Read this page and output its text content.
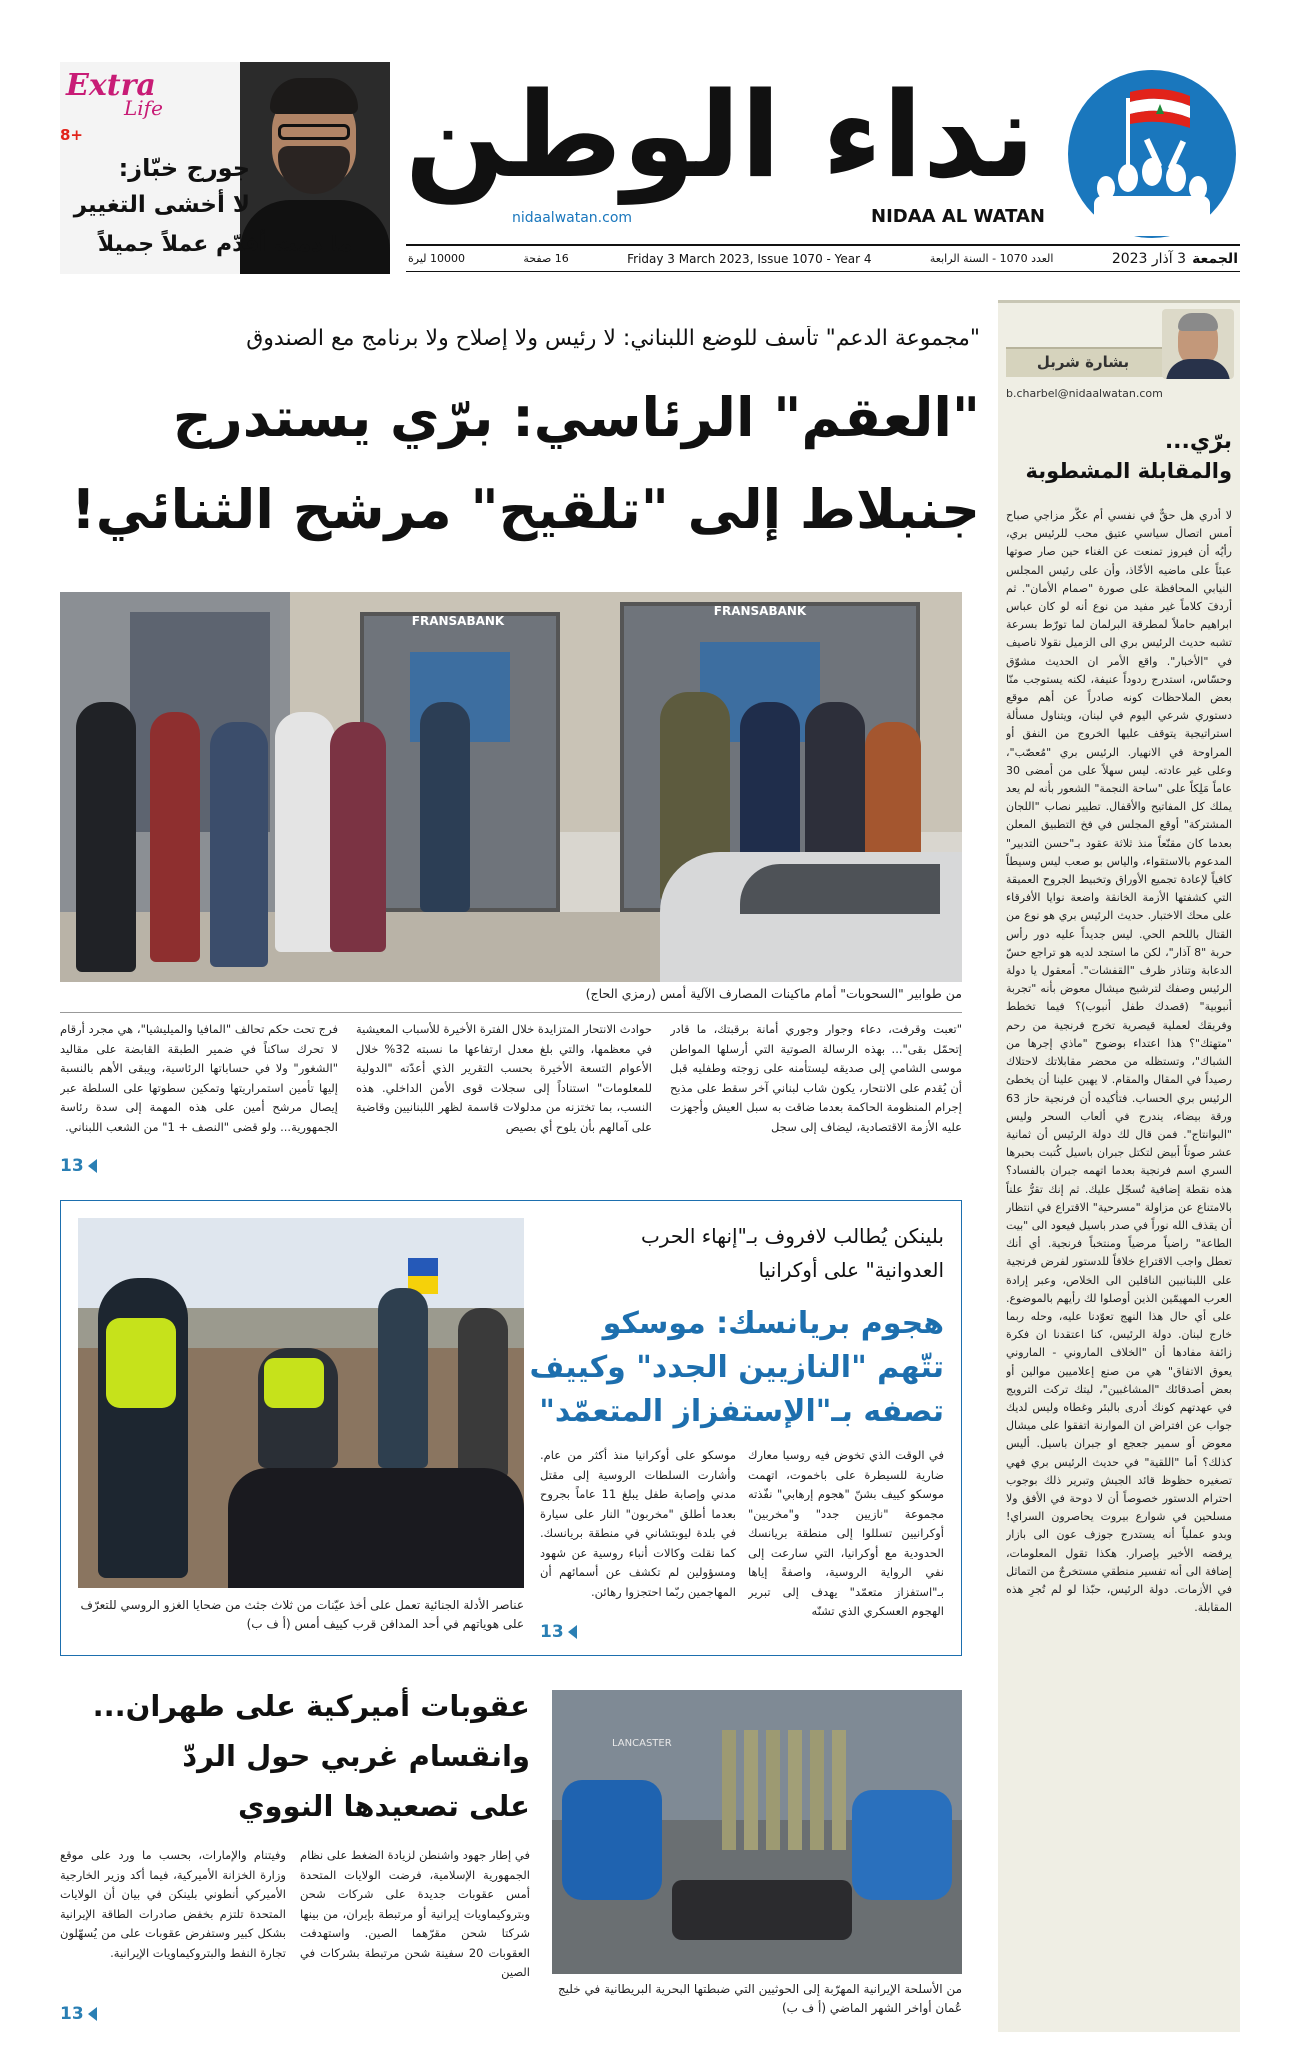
نداء الوطن
nidaalwatan.com	NIDAA AL WATAN
Extra
Life
8+
جورج خبّاز:
لا أخشى التغيير
ما دمت أقدّم عملاً جميلاً
الجمعة
3 آذار 2023
العدد 1070 - السنة الرابعة
Friday 3 March 2023, Issue 1070 - Year 4
16 صفحة
10000 ليرة
بشارة شربل
b.charbel@nidaalwatan.com
برّي...
والمقابلة المشطوبة
لا أدري هل حقٌّ في نفسي أم عكَّر مزاجي صباح أمس اتصال سياسي عتيق محب للرئيس بري، رأيُه أن فيروز تمنعت عن الغناء حين صار صوتها عبئاً على ماضيه الأخّاذ، وأن على رئيس المجلس النيابي المحافظة على صورة "صمام الأمان". ثم أردفَ كلاماً غير مفيد من نوع أنه لو كان عباس ابراهيم حاملاً لمطرقة البرلمان لما تورّط بسرعة تشبه حديث الرئيس بري الى الزميل نقولا ناصيف في "الأخبار". واقع الأمر ان الحديث مشوّق وحسّاس، استدرج ردوداً عنيفة، لكنه يستوجب منّا بعض الملاحظات كونه صادراً عن أهم موقع دستوري شرعي اليوم في لبنان، ويتناول مسألة استراتيجية يتوقف عليها الخروج من النفق أو المراوحة في الانهيار. الرئيس بري "مُعصّب"، وعلى غير عادته. ليس سهلاً على من أمضى 30 عاماً مَلِكاً على "ساحة النجمة" الشعور بأنه لم يعد يملك كل المفاتيح والأقفال. تطيير نصاب "اللجان المشتركة" أوقع المجلس في فخ التطبيق المعلن بعدما كان مقنّعاً منذ ثلاثة عقود بـ"حسن التدبير" المدعوم بالاستقواء، والياس بو صعب ليس وسيطاً كافياً لإعادة تجميع الأوراق وتخبيط الجروح العميقة التي كشفتها الأزمة الخانقة واضعة نوايا الأفرقاء على محك الاختبار. حديث الرئيس بري هو نوع من القتال باللحم الحي. ليس جديداً عليه دور رأس حربة "8 آذار"، لكن ما استجد لديه هو تراجع حسّ الدعابة وتناذر ظرف "القفشات". أمعقول يا دولة الرئيس وصفك لترشيح ميشال معوض بأنه "تجربة أنبوبية" (قصدك طفل أنبوب)؟ فيما تخطط وفريقك لعملية قيصرية تخرج فرنجية من رحم "متهتك"؟ هذا اعتداء بوضوح "ماذي إجرها من الشباك"، وتستظله من محضر مقابلاتك لاحتلاك رصيداً في المقال والمقام. لا يهين علينا أن يخطئ الرئيس بري الحساب. فتأكيده أن فرنجية حاز 63 ورقة بيضاء، يندرج في ألعاب السحر وليس "البوانتاج". فمن قال لك دولة الرئيس أن ثمانية عشر صوتاً أبيض لتكتل جبران باسيل كُتبت بحبرها السري اسم فرنجية بعدما اتهمه جبران بالفساد؟ هذه نقطة إضافية تُسجّل عليك. ثم إنك تقرُّ علناً بالامتناع عن مزاولة "مسرحية" الاقتراع في انتظار أن يقذف الله نوراً في صدر باسيل فيعود الى "بيت الطاعة" راضياً مرضياً ومنتخباً فرنجية. أي أنك تعطل واجب الاقتراع خلافاً للدستور لفرض فرنجية على اللبنانيين الناقلين الى الخلاص، وعبر إرادة العرب المهيمّين الذين أوصلوا لك رأيهم بالموضوع. على أي حال هذا النهج تعوّدنا عليه، وحله ربما خارج لبنان. دولة الرئيس، كنا اعتقدنا ان فكرة زائفة مفادها أن "الخلاف الماروني - الماروني يعوق الاتفاق" هي من صنع إعلاميين موالين أو بعض أصدقائك "المشاغبين"، ليتك تركت الترويج في عهدتهم كونك أدرى بالبئر وغطاه وليس لديك جواب عن افتراض ان الموارنة اتفقوا على ميشال معوض أو سمير جعجع او جبران باسيل. أليس كذلك؟ أما "اللقية" في حديث الرئيس بري فهي تصغيره حظوظ قائد الجيش وتبرير ذلك بوجوب احترام الدستور خصوصاً أن لا دوحة في الأفق ولا مسلحين في شوارع بيروت يحاصرون السراي! وبدو عملياً أنه يستدرج جوزف عون الى بازار يرفضه الأخير بإصرار. هكذا تقول المعلومات، إضافة الى أنه تفسير منطقي مستخرجٌ من التماثل في الأزمات. دولة الرئيس، حبّذا لو لم تُجرِ هذه المقابلة.
"مجموعة الدعم" تأسف للوضع اللبناني: لا رئيس ولا إصلاح ولا برنامج مع الصندوق
"العقم" الرئاسي: برّي يستدرج
جنبلاط إلى "تلقيح" مرشح الثنائي!
FRANSABANK
FRANSABANK
من طوابير "السحوبات" أمام ماكينات المصارف الآلية أمس (رمزي الحاج)
"تعبت وقرفت، دعاء وجوار وجوري أمانة برقبتك، ما قادر إتحمّل بقى"... بهذه الرسالة الصوتية التي أرسلها المواطن موسى الشامي إلى صديقه ليستأمنه على زوجته وطفليه قبل أن يُقدم على الانتحار، يكون شاب لبناني آخر سقط على مذبح إجرام المنظومة الحاكمة بعدما ضاقت به سبل العيش وأجهزت عليه الأزمة الاقتصادية، ليضاف إلى سجل
حوادث الانتحار المتزايدة خلال الفترة الأخيرة للأسباب المعيشية في معظمها، والتي بلغ معدل ارتفاعها ما نسبته 32% خلال الأعوام التسعة الأخيرة بحسب التقرير الذي أعدّته "الدولية للمعلومات" استناداً إلى سجلات قوى الأمن الداخلي. هذه النسب، بما تختزنه من مدلولات قاسمة لظهر اللبنانيين وقاضية على آمالهم بأن يلوح أي بصيص
فرج تحت حكم تحالف "المافيا والميليشيا"، هي مجرد أرقام لا تحرك ساكناً في ضمير الطبقة القابضة على مقاليد "الشغور" ولا في حساباتها الرئاسية، ويبقى الأهم بالنسبة إليها تأمين استمراريتها وتمكين سطوتها على السلطة عبر إيصال مرشح أمين على هذه المهمة إلى سدة رئاسة الجمهورية... ولو قضى "النصف + 1" من الشعب اللبناني.
13
عناصر الأدلة الجنائية تعمل على أخذ عيّنات من ثلاث جثث من ضحايا الغزو الروسي للتعرّف على هوياتهم في أحد المدافن قرب كييف أمس (أ ف ب)
بلينكن يُطالب لافروف بـ"إنهاء الحرب
العدوانية" على أوكرانيا
هجوم بريانسك: موسكو
تتّهم "النازيين الجدد" وكييف
تصفه بـ"الإستفزاز المتعمّد"
في الوقت الذي تخوض فيه روسيا معارك ضارية للسيطرة على باخموت، اتهمت موسكو كييف بشنّ "هجوم إرهابي" نفّذته مجموعة "نازيين جدد" و"مخربين" أوكرانيين تسللوا إلى منطقة بريانسك الحدودية مع أوكرانيا، التي سارعت إلى نفي الرواية الروسية، واصفةً إياها بـ"استفزاز متعمّد" يهدف إلى تبرير الهجوم العسكري الذي تشنّه
موسكو على أوكرانيا منذ أكثر من عام. وأشارت السلطات الروسية إلى مقتل مدني وإصابة طفل يبلغ 11 عاماً بجروح بعدما أطلق "مخربون" النار على سيارة في بلدة ليوبتشاني في منطقة بريانسك. كما نقلت وكالات أنباء روسية عن شهود ومسؤولين لم تكشف عن أسمائهم أن المهاجمين ربّما احتجزوا رهائن.
13
عقوبات أميركية على طهران...
وانقسام غربي حول الردّ
على تصعيدها النووي
في إطار جهود واشنطن لزيادة الضغط على نظام الجمهورية الإسلامية، فرضت الولايات المتحدة أمس عقوبات جديدة على شركات شحن وبتروكيماويات إيرانية أو مرتبطة بإيران، من بينها شركتا شحن مقرّهما الصين. واستهدفت العقوبات 20 سفينة شحن مرتبطة بشركات في الصين
وفيتنام والإمارات، بحسب ما ورد على موقع وزارة الخزانة الأميركية، فيما أكد وزير الخارجية الأميركي أنطوني بلينكن في بيان أن الولايات المتحدة تلتزم بخفض صادرات الطاقة الإيرانية بشكل كبير وستفرض عقوبات على من يُسهّلون تجارة النفط والبتروكيماويات الإيرانية.
13
LANCASTER
من الأسلحة الإيرانية المهرّبة إلى الحوثيين التي ضبطتها البحرية البريطانية في خليج عُمان أواخر الشهر الماضي (أ ف ب)
